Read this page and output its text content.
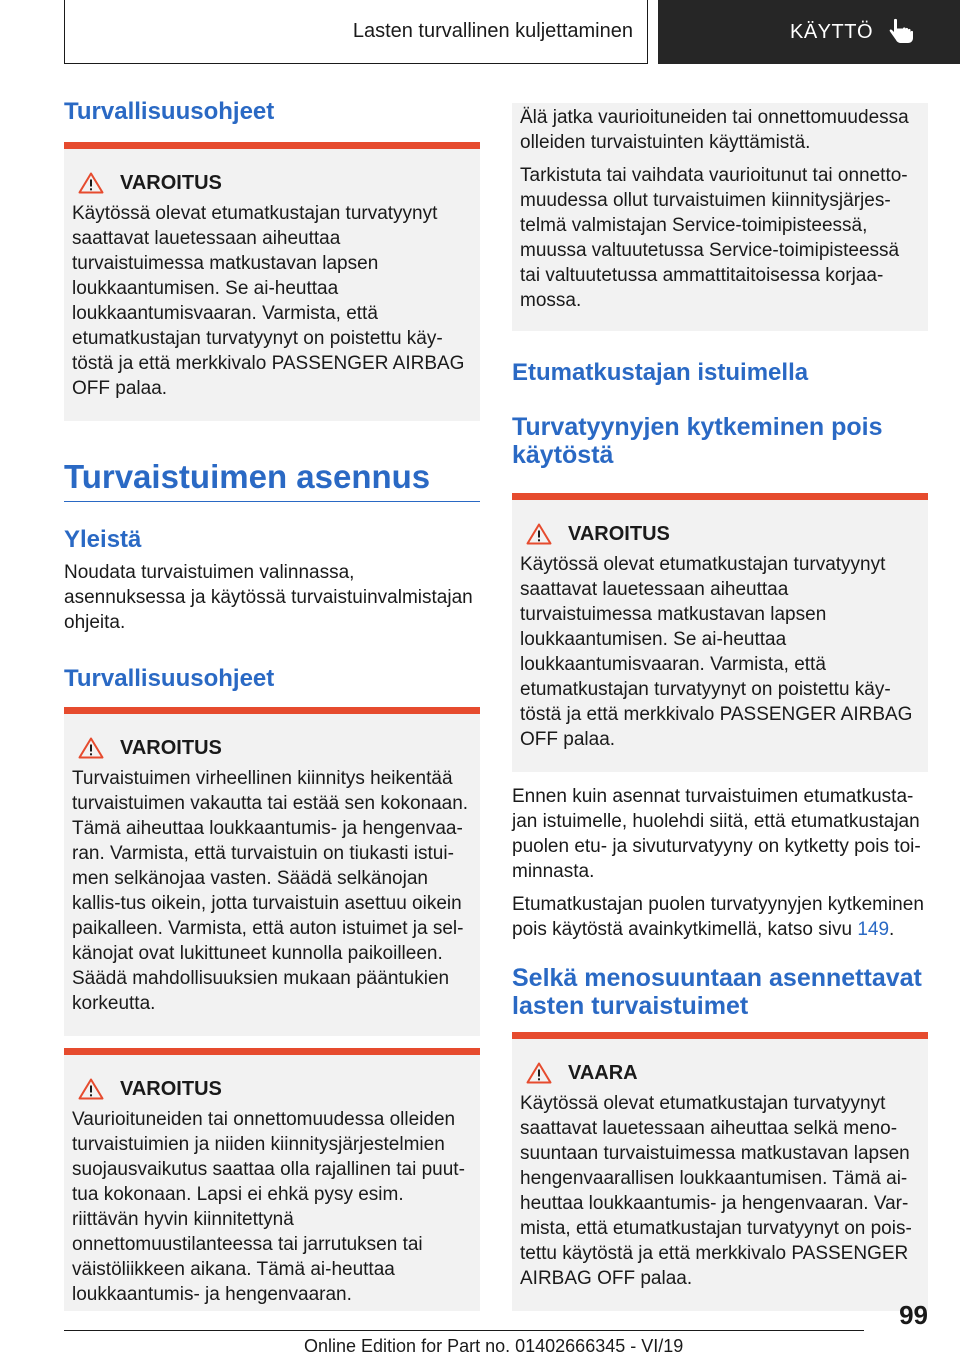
Lasten turvallinen kuljettaminen	KÄYTTÖ
Turvallisuusohjeet
VAROITUS

Käytössä olevat etumatkustajan turvatyynyt saattavat lauetessaan aiheuttaa turvaistuimessa matkustavan lapsen loukkaantumisen. Se ai-heuttaa loukkaantumisvaaran. Varmista, että etumatkustajan turvatyynyt on poistettu käy-töstä ja että merkkivalo PASSENGER AIRBAG OFF palaa.

Turvaistuimen asennus
Yleistä

Noudata turvaistuimen valinnassa, asennuksessa ja käytössä turvaistuinvalmistajan ohjeita.

Turvallisuusohjeet
VAROITUS

Turvaistuimen virheellinen kiinnitys heikentää turvaistuimen vakautta tai estää sen kokonaan. Tämä aiheuttaa loukkaantumis- ja hengenvaa-ran. Varmista, että turvaistuin on tiukasti istui-men selkänojaa vasten. Säädä selkänojan kallis-tus oikein, jotta turvaistuin asettuu oikein paikalleen. Varmista, että auton istuimet ja sel-känojat ovat lukittuneet kunnolla paikoilleen. Säädä mahdollisuuksien mukaan pääntukien korkeutta.

VAROITUS

Vaurioituneiden tai onnettomuudessa olleiden turvaistuimien ja niiden kiinnitysjärjestelmien suojausvaikutus saattaa olla rajallinen tai puut-tua kokonaan. Lapsi ei ehkä pysy esim. riittävän hyvin kiinnitettynä onnettomuustilanteessa tai jarrutuksen tai väistöliikkeen aikana. Tämä ai-heuttaa loukkaantumis- ja hengenvaaran.

Älä jatka vaurioituneiden tai onnettomuudessa olleiden turvaistuinten käyttämistä.

Tarkistuta tai vaihdata vaurioitunut tai onnetto-muudessa ollut turvaistuimen kiinnitysjärjes-telmä valmistajan Service-toimipisteessä, muussa valtuutetussa Service-toimipisteessä tai valtuutetussa ammattitaitoisessa korjaa-mossa.

Etumatkustajan istuimella
Turvatyynyjen kytkeminen pois käytöstä
VAROITUS

Käytössä olevat etumatkustajan turvatyynyt saattavat lauetessaan aiheuttaa turvaistuimessa matkustavan lapsen loukkaantumisen. Se ai-heuttaa loukkaantumisvaaran. Varmista, että etumatkustajan turvatyynyt on poistettu käy-töstä ja että merkkivalo PASSENGER AIRBAG OFF palaa.

Ennen kuin asennat turvaistuimen etumatkusta-jan istuimelle, huolehdi siitä, että etumatkustajan puolen etu- ja sivuturvatyyny on kytketty pois toi-minnasta.

Etumatkustajan puolen turvatyynyjen kytkeminen pois käytöstä avainkytkimellä, katso sivu 149.

Selkä menosuuntaan asennettavat lasten turvaistuimet
VAARA

Käytössä olevat etumatkustajan turvatyynyt saattavat lauetessaan aiheuttaa selkä meno-suuntaan turvaistuimessa matkustavan lapsen hengenvaarallisen loukkaantumisen. Tämä ai-heuttaa loukkaantumis- ja hengenvaaran. Var-mista, että etumatkustajan turvatyynyt on pois-tettu käytöstä ja että merkkivalo PASSENGER AIRBAG OFF palaa.

99
Online Edition for Part no. 01402666345 - VI/19
